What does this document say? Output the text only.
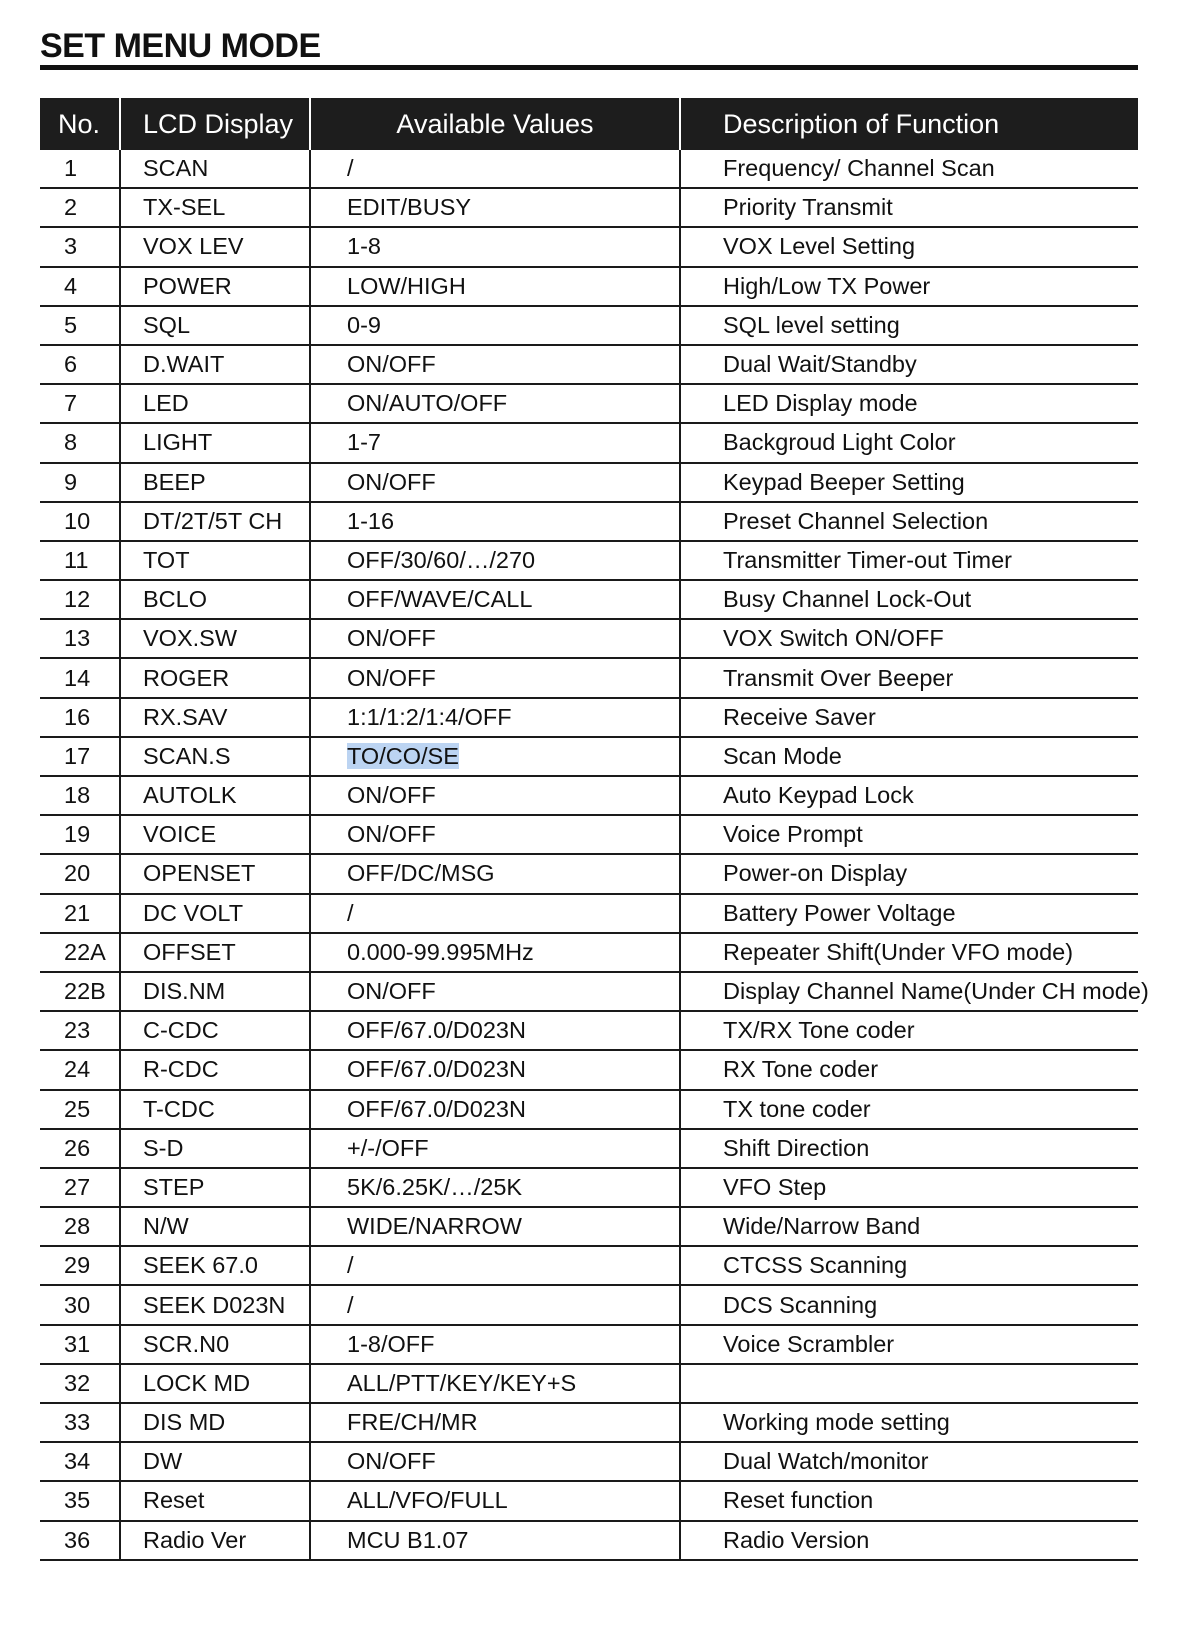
SET MENU MODE
No.	LCD Display	Available Values	Description of Function
1	SCAN	/	Frequency/ Channel Scan
2	TX-SEL	EDIT/BUSY	Priority Transmit
3	VOX LEV	1-8	VOX Level Setting
4	POWER	LOW/HIGH	High/Low TX Power
5	SQL	0-9	SQL level setting
6	D.WAIT	ON/OFF	Dual Wait/Standby
7	LED	ON/AUTO/OFF	LED Display mode
8	LIGHT	1-7	Backgroud Light Color
9	BEEP	ON/OFF	Keypad Beeper Setting
10	DT/2T/5T CH	1-16	Preset Channel Selection
11	TOT	OFF/30/60/…/270	Transmitter Timer-out Timer
12	BCLO	OFF/WAVE/CALL	Busy Channel Lock-Out
13	VOX.SW	ON/OFF	VOX Switch ON/OFF
14	ROGER	ON/OFF	Transmit Over Beeper
16	RX.SAV	1:1/1:2/1:4/OFF	Receive Saver
17	SCAN.S	TO/CO/SE	Scan Mode
18	AUTOLK	ON/OFF	Auto Keypad Lock
19	VOICE	ON/OFF	Voice Prompt
20	OPENSET	OFF/DC/MSG	Power-on Display
21	DC VOLT	/	Battery Power Voltage
22A	OFFSET	0.000-99.995MHz	Repeater Shift(Under VFO mode)
22B	DIS.NM	ON/OFF	Display Channel Name(Under CH mode)
23	C-CDC	OFF/67.0/D023N	TX/RX Tone coder
24	R-CDC	OFF/67.0/D023N	RX Tone coder
25	T-CDC	OFF/67.0/D023N	TX tone coder
26	S-D	+/-/OFF	Shift Direction
27	STEP	5K/6.25K/…/25K	VFO Step
28	N/W	WIDE/NARROW	Wide/Narrow Band
29	SEEK 67.0	/	CTCSS Scanning
30	SEEK D023N	/	DCS Scanning
31	SCR.N0	1-8/OFF	Voice Scrambler
32	LOCK MD	ALL/PTT/KEY/KEY+S	
33	DIS MD	FRE/CH/MR	Working mode setting
34	DW	ON/OFF	Dual Watch/monitor
35	Reset	ALL/VFO/FULL	Reset function
36	Radio Ver	MCU B1.07	Radio Version
